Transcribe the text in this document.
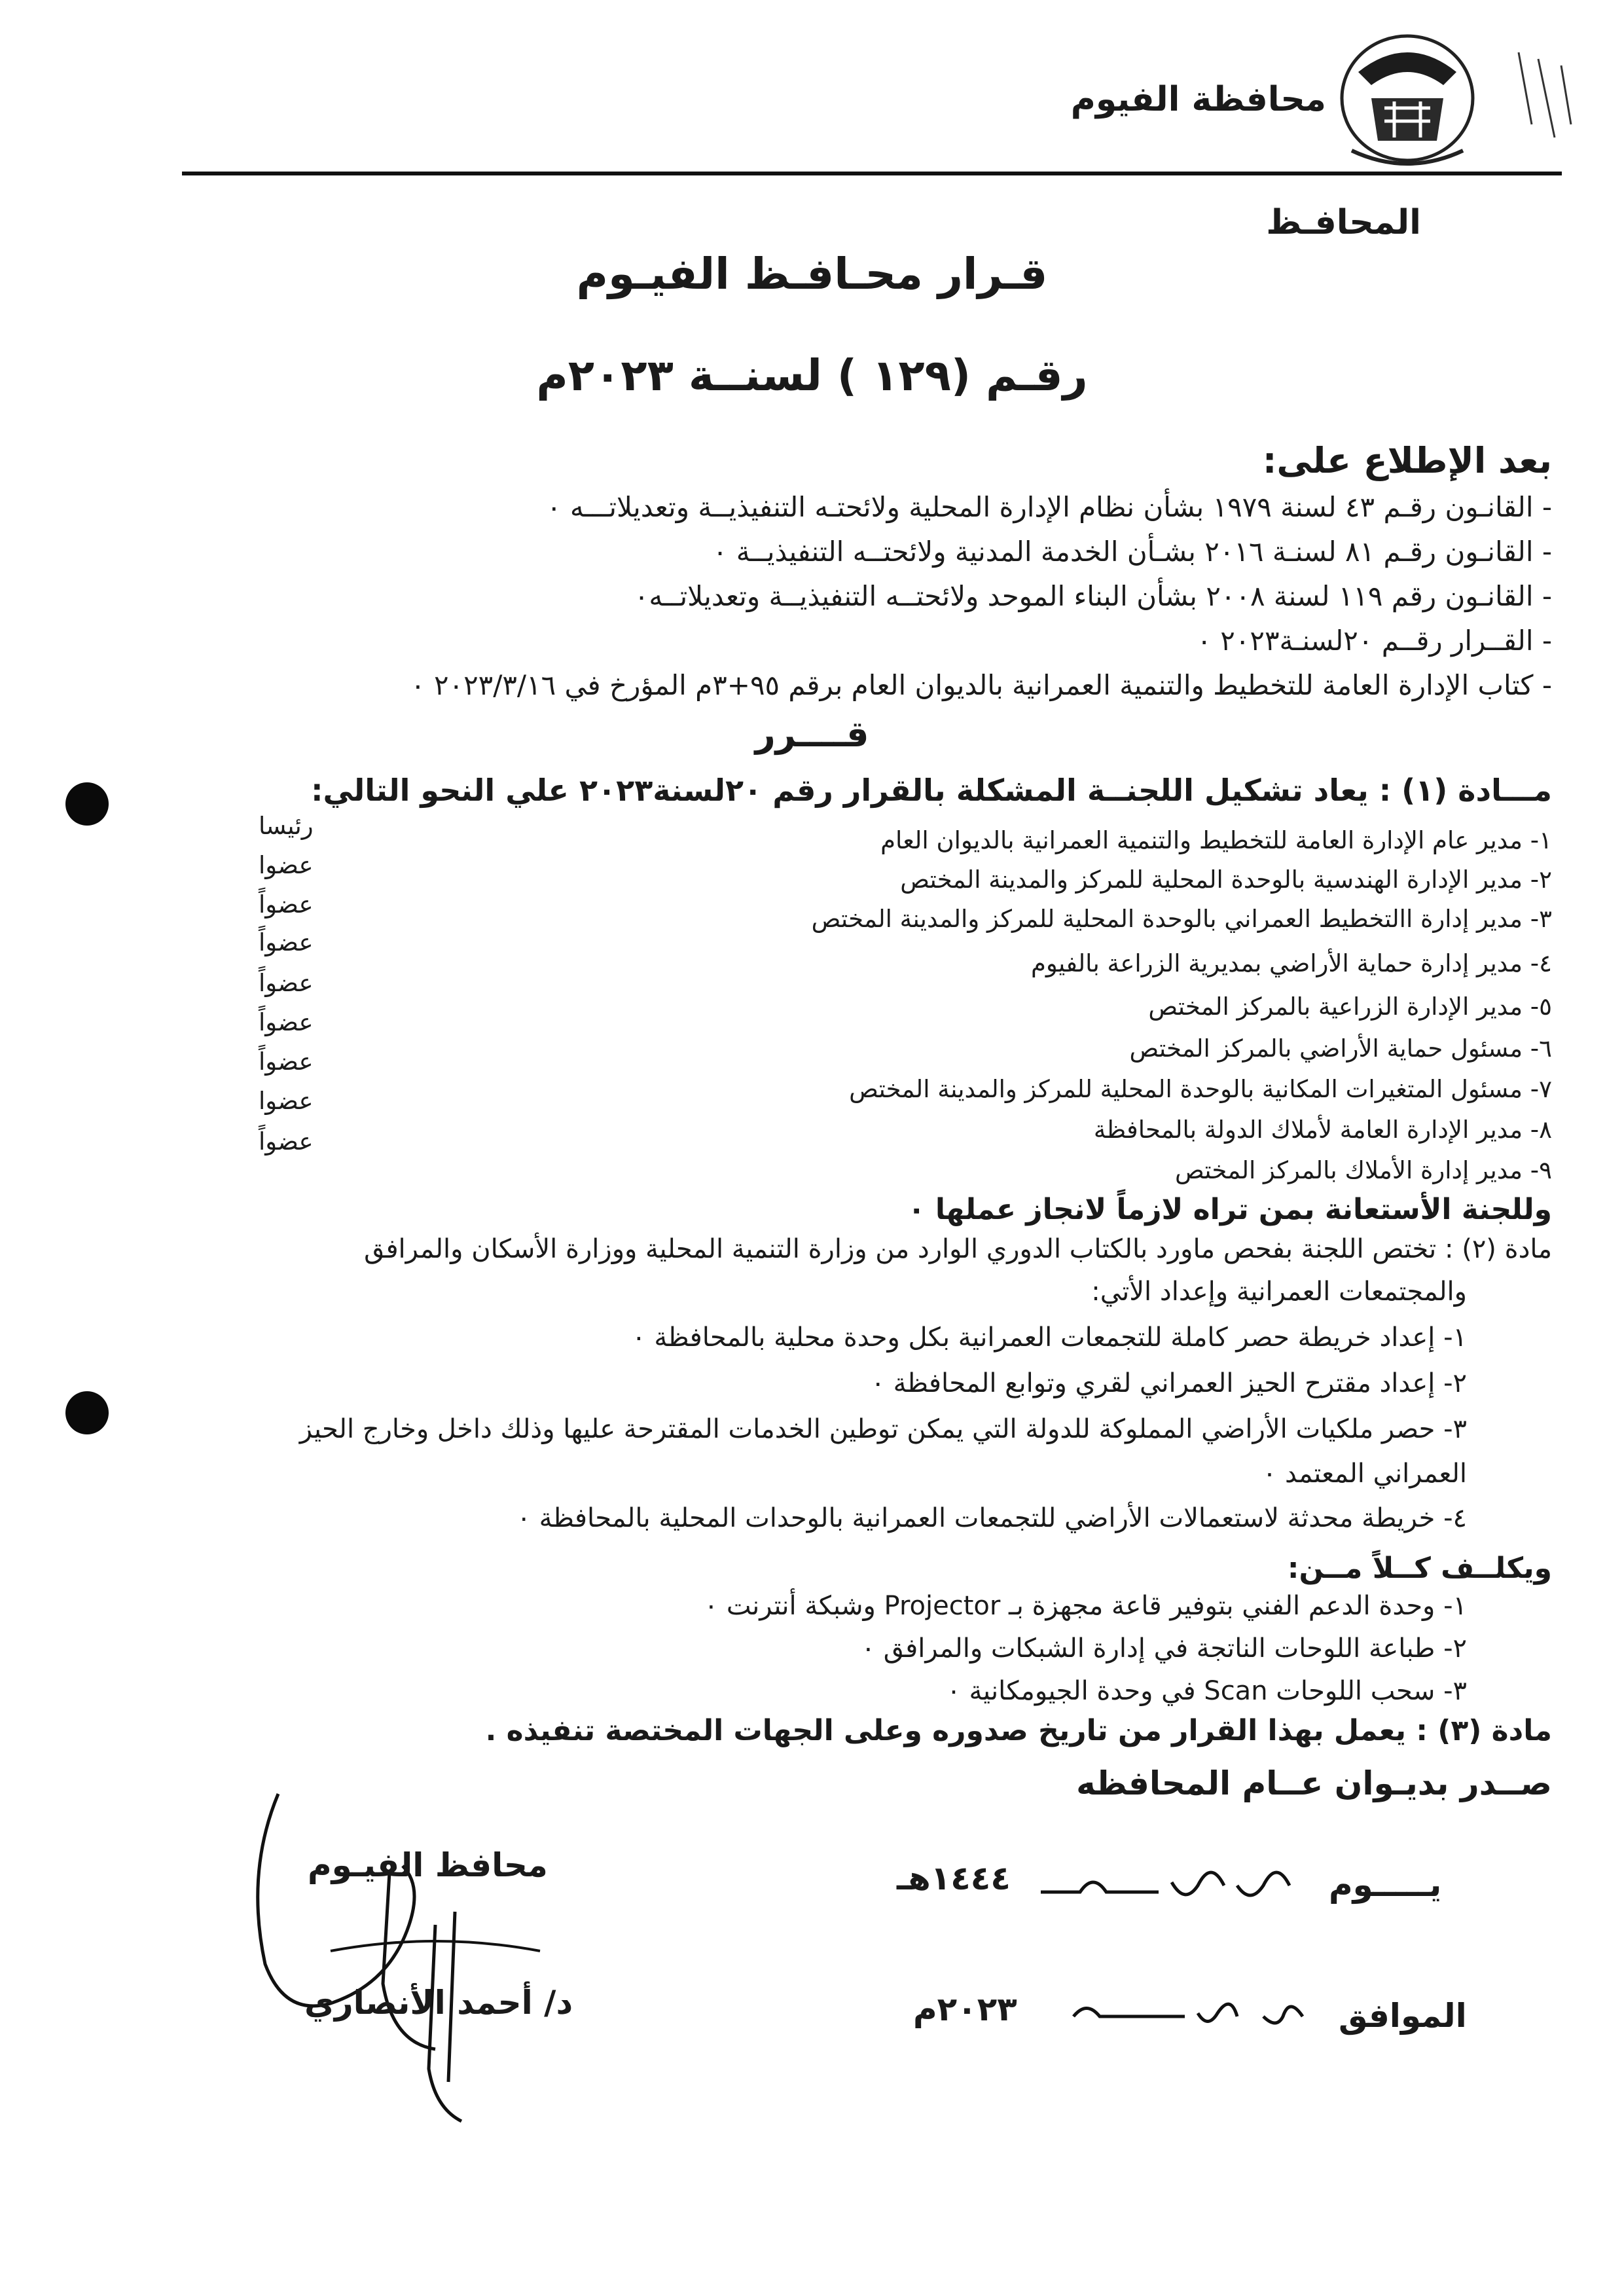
محافظة الفيوم
المحافـظ
قـرار محـافـظ الفيـوم
رقـم (١٢٩ ) لسنــة ٢٠٢٣م
بعد الإطلاع على:
- القانـون رقـم ٤٣ لسنة ١٩٧٩ بشأن نظام الإدارة المحلية ولائحتـه التنفيذيــة وتعديلاتـــه ٠
- القانـون رقـم ٨١ لسنـة ٢٠١٦ بشـأن الخدمة المدنية ولائحتــه التنفيذيــة ٠
- القانـون رقم ١١٩ لسنة ٢٠٠٨ بشأن البناء الموحد ولائحتــه التنفيذيــة وتعديلاتــه٠
- القــرار رقــم ٢٠لسنـة٢٠٢٣ ٠
- كتاب الإدارة العامة للتخطيط والتنمية العمرانية بالديوان العام برقم ٩٥+٣م المؤرخ في ٢٠٢٣/٣/١٦ ٠
قــــرر
مـــادة (١) : يعاد تشكيل اللجنــة المشكلة بالقرار رقم ٢٠لسنة٢٠٢٣ علي النحو التالي:
١- مدير عام الإدارة العامة للتخطيط والتنمية العمرانية بالديوان العام
رئيسا
٢- مدير الإدارة الهندسية بالوحدة المحلية للمركز والمدينة المختص
عضوا
٣- مدير إدارة االتخطيط العمراني بالوحدة المحلية للمركز والمدينة المختص
عضواً
٤- مدير إدارة حماية الأراضي بمديرية الزراعة بالفيوم
عضواً
٥- مدير الإدارة الزراعية بالمركز المختص
عضواً
٦- مسئول حماية الأراضي بالمركز المختص
عضواً
٧- مسئول المتغيرات المكانية بالوحدة المحلية للمركز والمدينة المختص
عضواً
٨- مدير الإدارة العامة لأملاك الدولة بالمحافظة
عضوا
٩- مدير إدارة الأملاك بالمركز المختص
عضواً
وللجنة الأستعانة بمن تراه لازماً لانجاز عملها ٠
مادة (٢) : تختص اللجنة بفحص ماورد بالكتاب الدوري الوارد من وزارة التنمية المحلية ووزارة الأسكان والمرافق
والمجتمعات العمرانية وإعداد الأتي:
١- إعداد خريطة حصر كاملة للتجمعات العمرانية بكل وحدة محلية بالمحافظة ٠
٢- إعداد مقترح الحيز العمراني لقري وتوابع المحافظة ٠
٣- حصر ملكيات الأراضي المملوكة للدولة التي يمكن توطين الخدمات المقترحة عليها وذلك داخل وخارج الحيز
العمراني المعتمد ٠
٤- خريطة محدثة لاستعمالات الأراضي للتجمعات العمرانية بالوحدات المحلية بالمحافظة ٠
ويكلــف كــلاً مــن:
١- وحدة الدعم الفني بتوفير قاعة مجهزة بـ Projector وشبكة أنترنت ٠
٢- طباعة اللوحات الناتجة في إدارة الشبكات والمرافق ٠
٣- سحب اللوحات Scan في وحدة الجيومكانية ٠
مادة (٣) : يعمل بهذا القرار من تاريخ صدوره وعلى الجهات المختصة تنفيذه .
صــدر بديـوان عــام المحافظه
محافظ الفيـوم
د/ أحمد الأنصاري
يـــــوم
١٤٤٤هـ
الموافق
٢٠٢٣م
